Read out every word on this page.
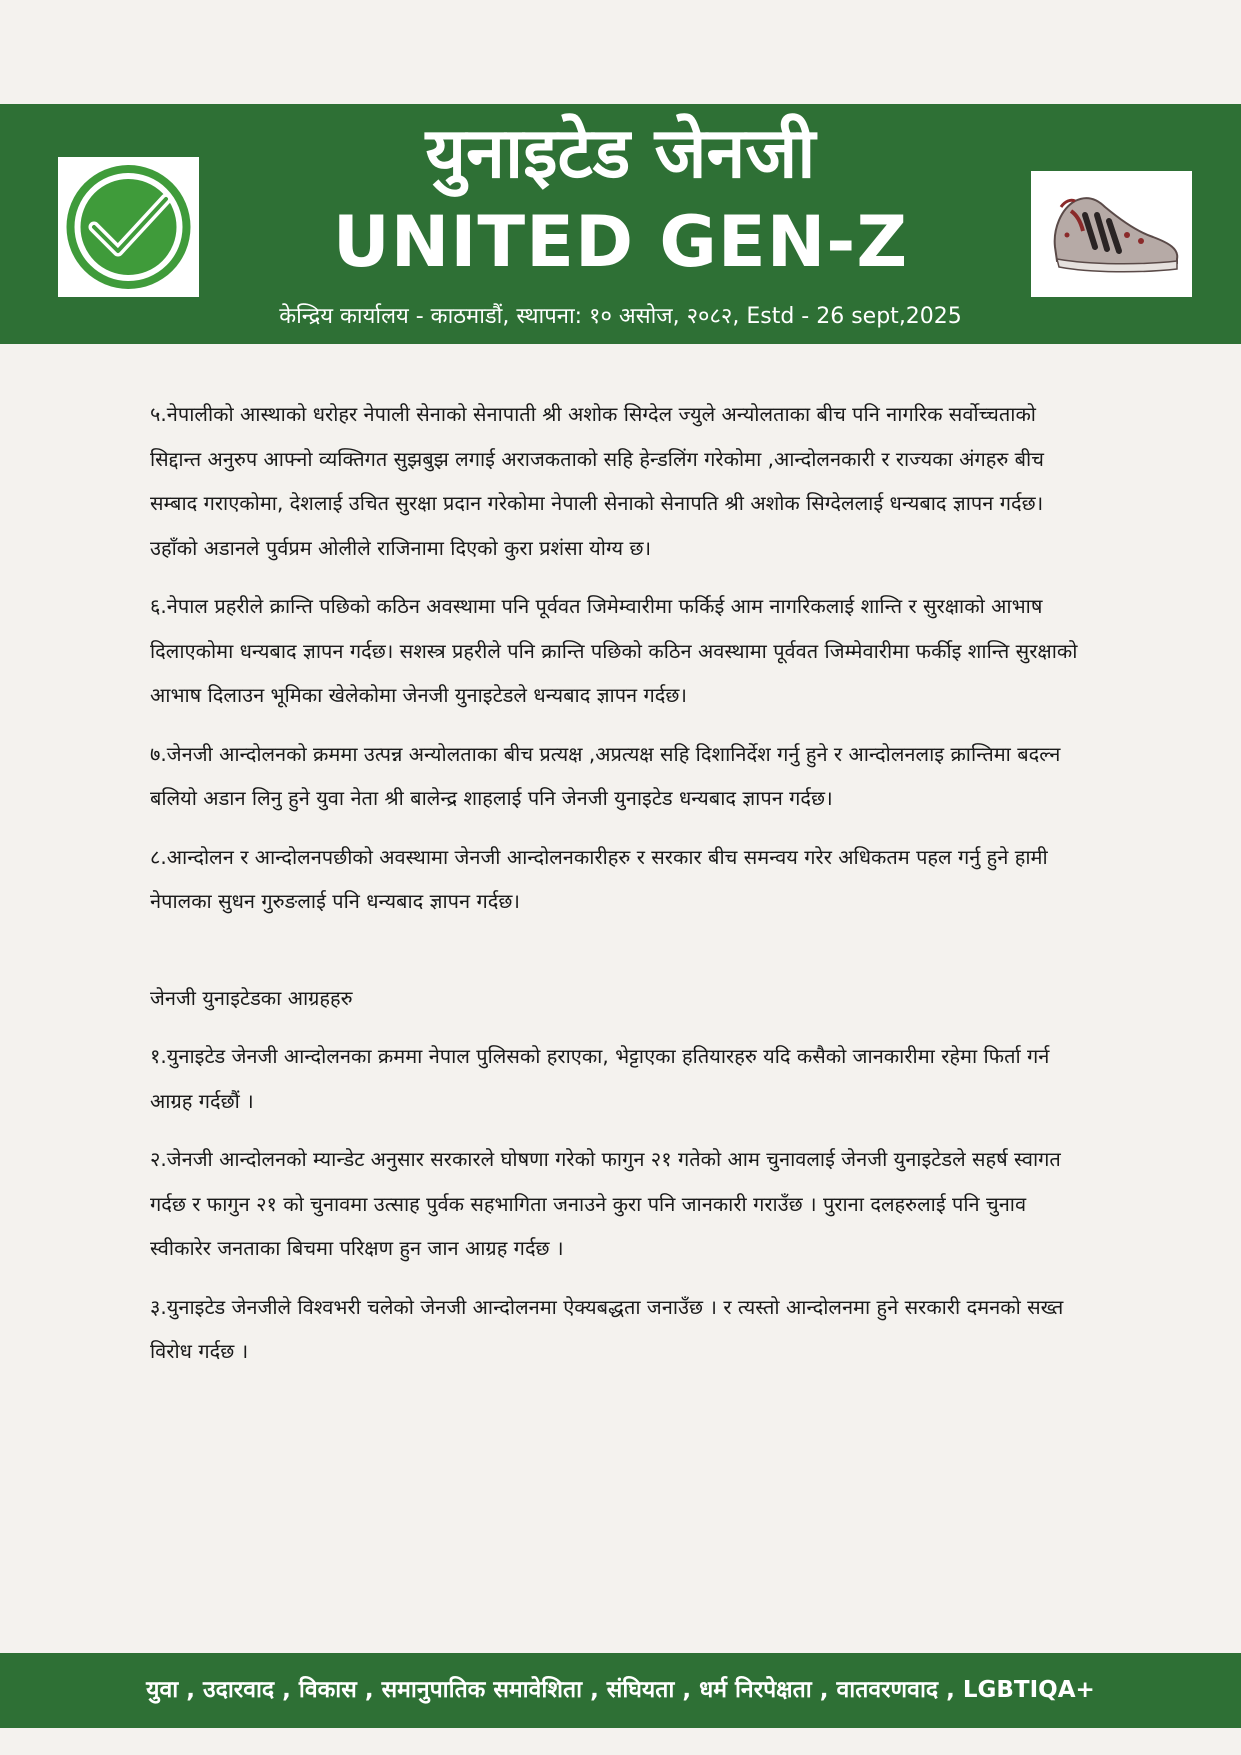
युनाइटेड जेनजी
UNITED GEN-Z
केन्द्रिय कार्यालय - काठमाडौं, स्थापना: १० असोज, २०८२, Estd - 26 sept,2025

५.नेपालीको आस्थाको धरोहर नेपाली सेनाको सेनापाती श्री अशोक सिग्देल ज्युले अन्योलताका बीच पनि नागरिक सर्वोच्चताको सिद्दान्त अनुरुप आफ्नो व्यक्तिगत सुझबुझ लगाई अराजकताको सहि हेन्डलिंग गरेकोमा ,आन्दोलनकारी र राज्यका अंगहरु बीच सम्बाद गराएकोमा, देशलाई उचित सुरक्षा प्रदान गरेकोमा नेपाली सेनाको सेनापति श्री अशोक सिग्देललाई धन्यबाद ज्ञापन गर्दछ। उहाँको अडानले पुर्वप्रम ओलीले राजिनामा दिएको कुरा प्रशंसा योग्य छ।

६.नेपाल प्रहरीले क्रान्ति पछिको कठिन अवस्थामा पनि पूर्ववत जिमेम्वारीमा फर्किई आम नागरिकलाई शान्ति र सुरक्षाको आभाष दिलाएकोमा धन्यबाद ज्ञापन गर्दछ। सशस्त्र प्रहरीले पनि क्रान्ति पछिको कठिन अवस्थामा पूर्ववत जिम्मेवारीमा फर्कीइ शान्ति सुरक्षाको आभाष दिलाउन भूमिका खेलेकोमा जेनजी युनाइटेडले धन्यबाद ज्ञापन गर्दछ।

७.जेनजी आन्दोलनको क्रममा उत्पन्न अन्योलताका बीच प्रत्यक्ष ,अप्रत्यक्ष सहि दिशानिर्देश गर्नु हुने र आन्दोलनलाइ क्रान्तिमा बदल्न बलियो अडान लिनु हुने युवा नेता श्री बालेन्द्र शाहलाई पनि जेनजी युनाइटेड धन्यबाद ज्ञापन गर्दछ।

८.आन्दोलन र आन्दोलनपछीको अवस्थामा जेनजी आन्दोलनकारीहरु र सरकार बीच समन्वय गरेर अधिकतम पहल गर्नु हुने हामी नेपालका सुधन गुरुङलाई पनि धन्यबाद ज्ञापन गर्दछ।

जेनजी युनाइटेडका आग्रहहरु

१.युनाइटेड जेनजी आन्दोलनका क्रममा नेपाल पुलिसको हराएका, भेट्टाएका हतियारहरु यदि कसैको जानकारीमा रहेमा फिर्ता गर्न आग्रह गर्दछौं ।

२.जेनजी आन्दोलनको म्यान्डेट अनुसार सरकारले घोषणा गरेको फागुन २१ गतेको आम चुनावलाई जेनजी युनाइटेडले सहर्ष स्वागत गर्दछ र फागुन २१ को चुनावमा उत्साह पुर्वक सहभागिता जनाउने कुरा पनि जानकारी गराउँछ । पुराना दलहरुलाई पनि चुनाव स्वीकारेर जनताका बिचमा परिक्षण हुन जान आग्रह गर्दछ ।

३.युनाइटेड जेनजीले विश्वभरी चलेको जेनजी आन्दोलनमा ऐक्यबद्धता जनाउँछ । र त्यस्तो आन्दोलनमा हुने सरकारी दमनको सख्त विरोध गर्दछ ।

युवा , उदारवाद , विकास , समानुपातिक समावेशिता , संघियता , धर्म निरपेक्षता , वातवरणवाद , LGBTIQA+
